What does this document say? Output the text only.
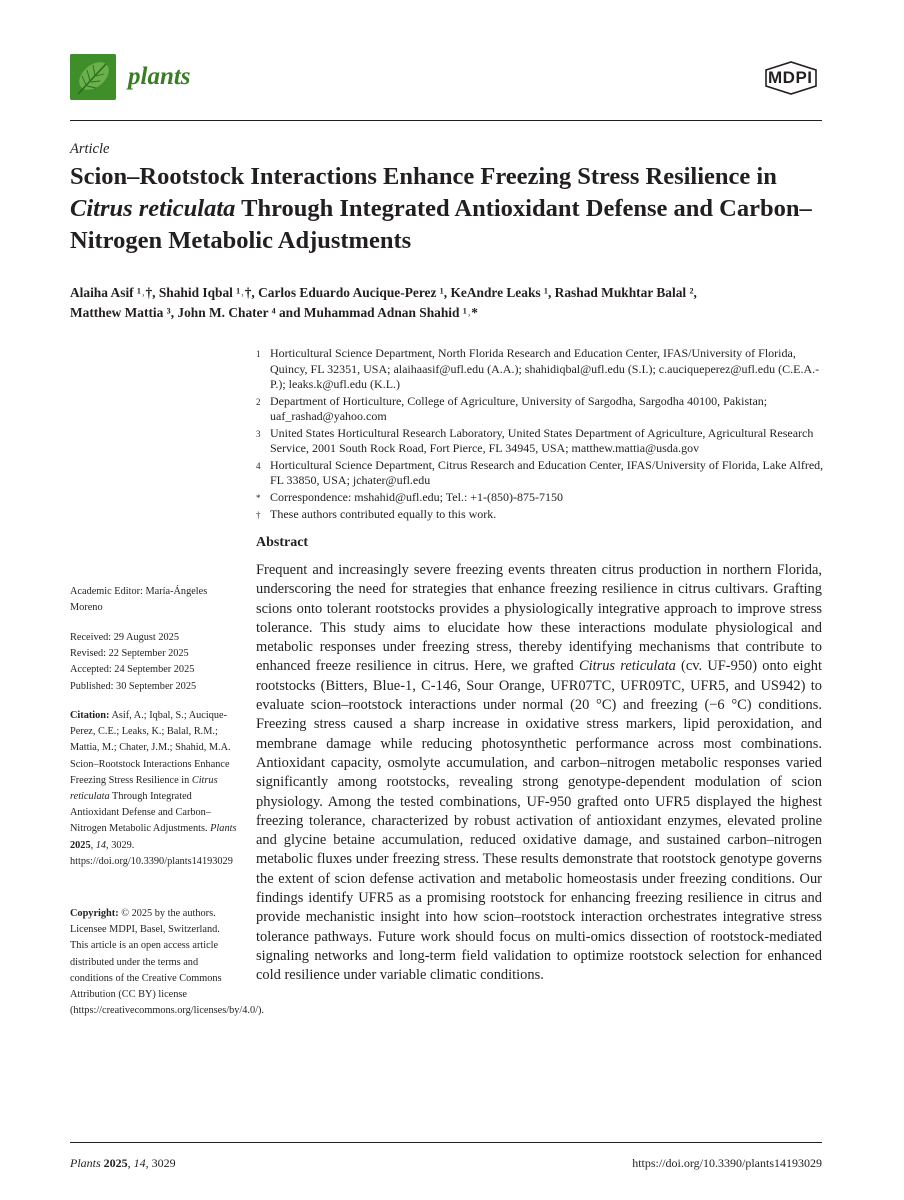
plants	MDPI
Article
Scion–Rootstock Interactions Enhance Freezing Stress Resilience in Citrus reticulata Through Integrated Antioxidant Defense and Carbon–Nitrogen Metabolic Adjustments
Alaiha Asif ¹˒†, Shahid Iqbal ¹˒†, Carlos Eduardo Aucique-Perez ¹, KeAndre Leaks ¹, Rashad Mukhtar Balal ²,
Matthew Mattia ³, John M. Chater ⁴ and Muhammad Adnan Shahid ¹˒*
1 Horticultural Science Department, North Florida Research and Education Center, IFAS/University of Florida, Quincy, FL 32351, USA; alaihaasif@ufl.edu (A.A.); shahidiqbal@ufl.edu (S.I.); c.auciqueperez@ufl.edu (C.E.A.-P.); leaks.k@ufl.edu (K.L.)
2 Department of Horticulture, College of Agriculture, University of Sargodha, Sargodha 40100, Pakistan; uaf_rashad@yahoo.com
3 United States Horticultural Research Laboratory, United States Department of Agriculture, Agricultural Research Service, 2001 South Rock Road, Fort Pierce, FL 34945, USA; matthew.mattia@usda.gov
4 Horticultural Science Department, Citrus Research and Education Center, IFAS/University of Florida, Lake Alfred, FL 33850, USA; jchater@ufl.edu
* Correspondence: mshahid@ufl.edu; Tel.: +1-(850)-875-7150
† These authors contributed equally to this work.
Abstract
Frequent and increasingly severe freezing events threaten citrus production in northern Florida, underscoring the need for strategies that enhance freezing resilience in citrus cultivars. Grafting scions onto tolerant rootstocks provides a physiologically integrative approach to improve stress tolerance. This study aims to elucidate how these interactions modulate physiological and metabolic responses under freezing stress, thereby identifying mechanisms that contribute to enhanced freeze resilience in citrus. Here, we grafted Citrus reticulata (cv. UF-950) onto eight rootstocks (Bitters, Blue-1, C-146, Sour Orange, UFR07TC, UFR09TC, UFR5, and US942) to evaluate scion–rootstock interactions under normal (20 °C) and freezing (−6 °C) conditions. Freezing stress caused a sharp increase in oxidative stress markers, lipid peroxidation, and membrane damage while reducing photosynthetic performance across most combinations. Antioxidant capacity, osmolyte accumulation, and carbon–nitrogen metabolic responses varied significantly among rootstocks, revealing strong genotype-dependent modulation of scion physiology. Among the tested combinations, UF-950 grafted onto UFR5 displayed the highest freezing tolerance, characterized by robust activation of antioxidant enzymes, elevated proline and glycine betaine accumulation, reduced oxidative damage, and sustained carbon–nitrogen metabolic fluxes under freezing stress. These results demonstrate that rootstock genotype governs the extent of scion defense activation and metabolic homeostasis under freezing conditions. Our findings identify UFR5 as a promising rootstock for enhancing freezing resilience in citrus and provide mechanistic insight into how scion–rootstock interaction orchestrates integrative stress tolerance pathways. Future work should focus on multi-omics dissection of rootstock-mediated signaling networks and long-term field validation to optimize rootstock selection for enhanced cold resilience under variable climatic conditions.
Academic Editor: María-Ángeles Moreno
Received: 29 August 2025
Revised: 22 September 2025
Accepted: 24 September 2025
Published: 30 September 2025
Citation: Asif, A.; Iqbal, S.; Aucique-Perez, C.E.; Leaks, K.; Balal, R.M.; Mattia, M.; Chater, J.M.; Shahid, M.A. Scion–Rootstock Interactions Enhance Freezing Stress Resilience in Citrus reticulata Through Integrated Antioxidant Defense and Carbon–Nitrogen Metabolic Adjustments. Plants 2025, 14, 3029. https://doi.org/10.3390/plants14193029
Copyright: © 2025 by the authors. Licensee MDPI, Basel, Switzerland. This article is an open access article distributed under the terms and conditions of the Creative Commons Attribution (CC BY) license (https://creativecommons.org/licenses/by/4.0/).
Plants 2025, 14, 3029	https://doi.org/10.3390/plants14193029
